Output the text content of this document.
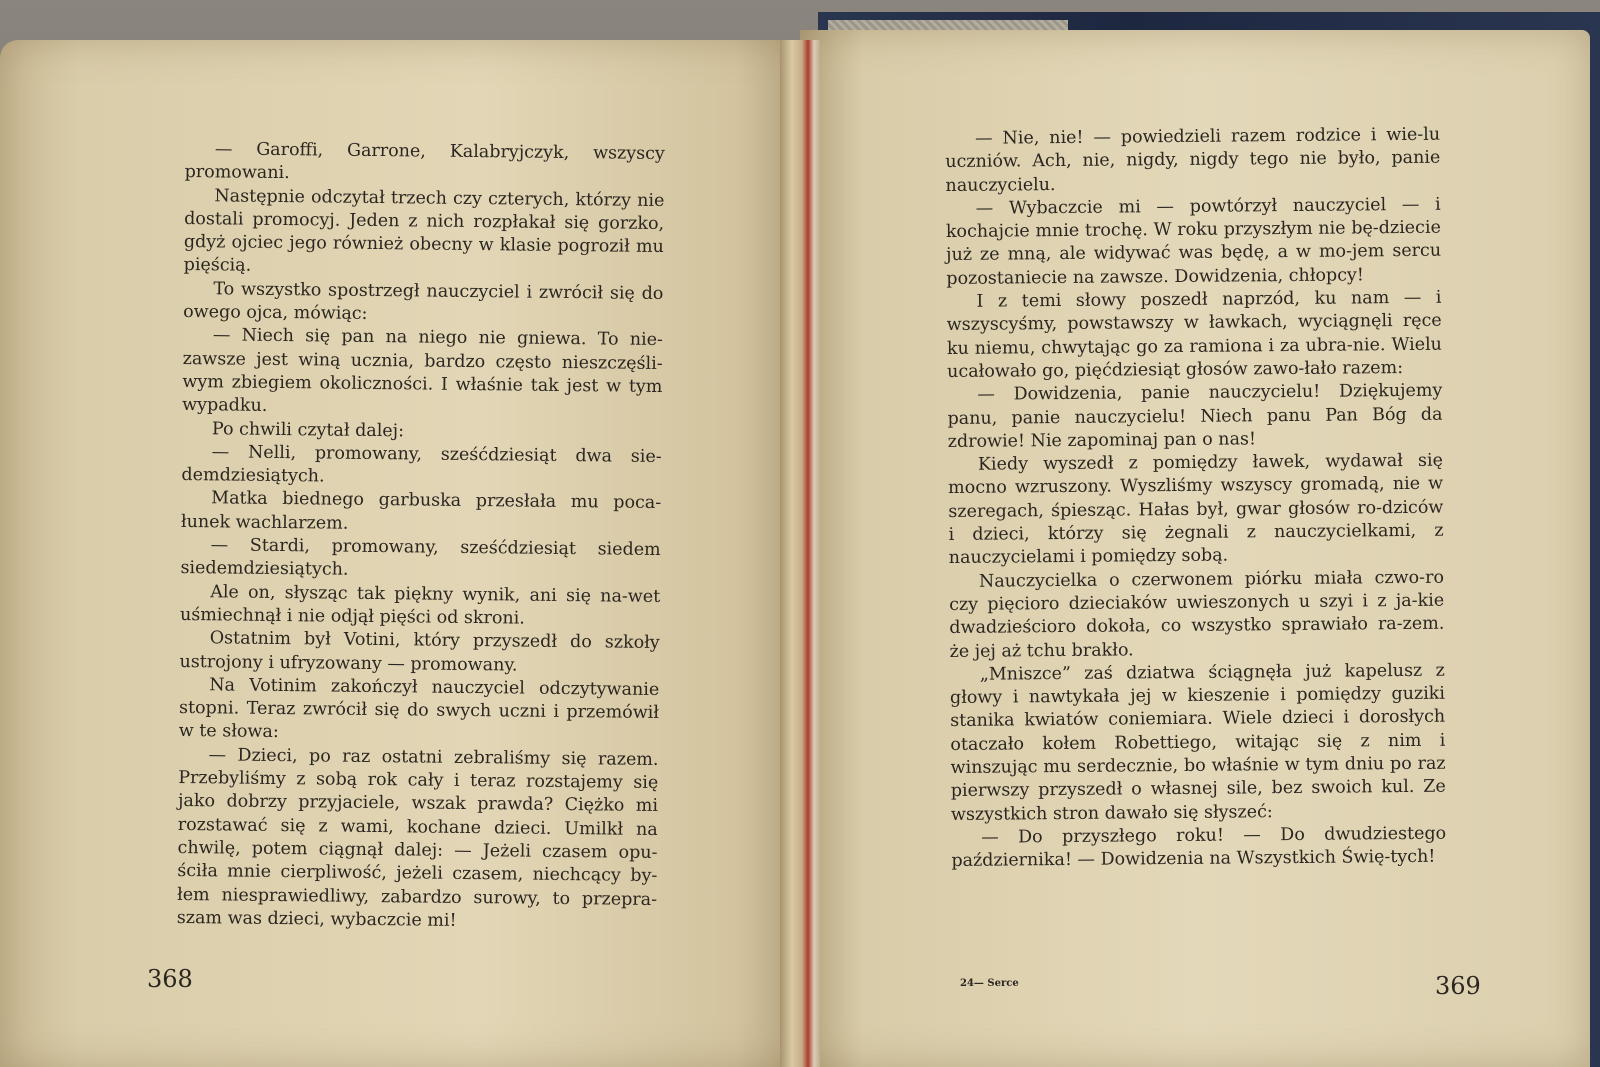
— Garoffi, Garrone, Kalabryjczyk, wszyscy promowani.

Następnie odczytał trzech czy czterych, którzy nie dostali promocyj. Jeden z nich rozpłakał się gorzko, gdyż ojciec jego również obecny w klasie pogroził mu pięścią.

To wszystko spostrzegł nauczyciel i zwrócił się do owego ojca, mówiąc:

— Niech się pan na niego nie gniewa. To nie-zawsze jest winą ucznia, bardzo często nieszczęśli-wym zbiegiem okoliczności. I właśnie tak jest w tym wypadku.

Po chwili czytał dalej:

— Nelli, promowany, sześćdziesiąt dwa sie-demdziesiątych.

Matka biednego garbuska przesłała mu poca-łunek wachlarzem.

— Stardi, promowany, sześćdziesiąt siedem siedemdziesiątych.

Ale on, słysząc tak piękny wynik, ani się na-wet uśmiechnął i nie odjął pięści od skroni.

Ostatnim był Votini, który przyszedł do szkoły ustrojony i ufryzowany — promowany.

Na Votinim zakończył nauczyciel odczytywanie stopni. Teraz zwrócił się do swych uczni i przemówił w te słowa:

— Dzieci, po raz ostatni zebraliśmy się razem. Przebyliśmy z sobą rok cały i teraz rozstajemy się jako dobrzy przyjaciele, wszak prawda? Ciężko mi rozstawać się z wami, kochane dzieci. Umilkł na chwilę, potem ciągnął dalej: — Jeżeli czasem opu-ściła mnie cierpliwość, jeżeli czasem, niechcący by-łem niesprawiedliwy, zabardzo surowy, to przepra-szam was dzieci, wybaczcie mi!

— Nie, nie! — powiedzieli razem rodzice i wie-lu uczniów. Ach, nie, nigdy, nigdy tego nie było, panie nauczycielu.

— Wybaczcie mi — powtórzył nauczyciel — i kochajcie mnie trochę. W roku przyszłym nie bę-dziecie już ze mną, ale widywać was będę, a w mo-jem sercu pozostaniecie na zawsze. Dowidzenia, chłopcy!

I z temi słowy poszedł naprzód, ku nam — i wszyscyśmy, powstawszy w ławkach, wyciągnęli ręce ku niemu, chwytając go za ramiona i za ubra-nie. Wielu ucałowało go, pięćdziesiąt głosów zawo-łało razem:

— Dowidzenia, panie nauczycielu! Dziękujemy panu, panie nauczycielu! Niech panu Pan Bóg da zdrowie! Nie zapominaj pan o nas!

Kiedy wyszedł z pomiędzy ławek, wydawał się mocno wzruszony. Wyszliśmy wszyscy gromadą, nie w szeregach, śpiesząc. Hałas był, gwar głosów ro-dziców i dzieci, którzy się żegnali z nauczycielkami, z nauczycielami i pomiędzy sobą.

Nauczycielka o czerwonem piórku miała czwo-ro czy pięcioro dzieciaków uwieszonych u szyi i z ja-kie dwadzieścioro dokoła, co wszystko sprawiało ra-zem. że jej aż tchu brakło.

„Mniszce” zaś dziatwa ściągnęła już kapelusz z głowy i nawtykała jej w kieszenie i pomiędzy guziki stanika kwiatów coniemiara. Wiele dzieci i dorosłych otaczało kołem Robettiego, witając się z nim i winszując mu serdecznie, bo właśnie w tym dniu po raz pierwszy przyszedł o własnej sile, bez swoich kul. Ze wszystkich stron dawało się słyszeć:

— Do przyszłego roku! — Do dwudziestego października! — Dowidzenia na Wszystkich Świę-tych!

368	24— Serce	369
